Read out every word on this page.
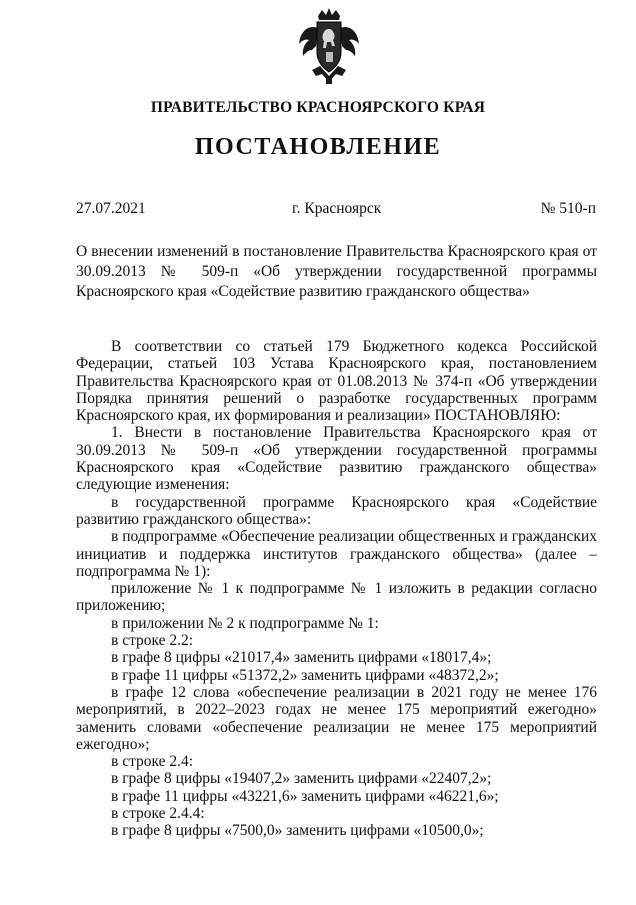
ПРАВИТЕЛЬСТВО КРАСНОЯРСКОГО КРАЯ
ПОСТАНОВЛЕНИЕ
27.07.2021	г. Красноярск	№ 510-п
О внесении изменений в постановление Правительства Красноярского края от 30.09.2013 № 509-п «Об утверждении государственной программы Красноярского края «Содействие развитию гражданского общества»

В соответствии со статьей 179 Бюджетного кодекса Российской Федерации, статьей 103 Устава Красноярского края, постановлением Правительства Красноярского края от 01.08.2013 № 374-п «Об утверждении Порядка принятия решений о разработке государственных программ Красноярского края, их формирования и реализации» ПОСТАНОВЛЯЮ:

1. Внести в постановление Правительства Красноярского края от 30.09.2013 № 509-п «Об утверждении государственной программы Красноярского края «Содействие развитию гражданского общества» следующие изменения:

в государственной программе Красноярского края «Содействие развитию гражданского общества»:

в подпрограмме «Обеспечение реализации общественных и гражданских инициатив и поддержка институтов гражданского общества» (далее – подпрограмма № 1):

приложение № 1 к подпрограмме № 1 изложить в редакции согласно приложению;

в приложении № 2 к подпрограмме № 1:

в строке 2.2:

в графе 8 цифры «21017,4» заменить цифрами «18017,4»;

в графе 11 цифры «51372,2» заменить цифрами «48372,2»;

в графе 12 слова «обеспечение реализации в 2021 году не менее 176 мероприятий, в 2022–2023 годах не менее 175 мероприятий ежегодно» заменить словами «обеспечение реализации не менее 175 мероприятий ежегодно»;

в строке 2.4:

в графе 8 цифры «19407,2» заменить цифрами «22407,2»;

в графе 11 цифры «43221,6» заменить цифрами «46221,6»;

в строке 2.4.4:

в графе 8 цифры «7500,0» заменить цифрами «10500,0»;
